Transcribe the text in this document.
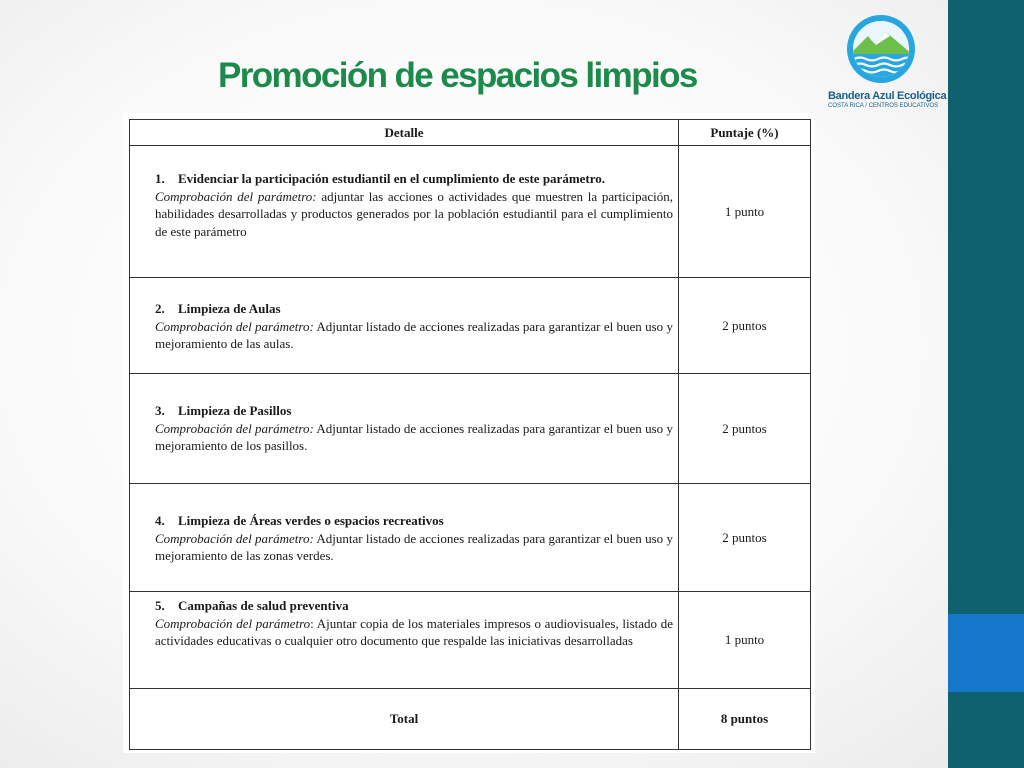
Promoción de espacios limpios
Bandera Azul Ecológica
COSTA RICA / CENTROS EDUCATIVOS
Detalle	Puntaje (%)

1. Evidenciar la participación estudiantil en el cumplimiento de este parámetro.
Comprobación del parámetro: adjuntar las acciones o actividades que muestren la participación, habilidades desarrolladas y productos generados por la población estudiantil para el cumplimiento de este parámetro	1 punto

2. Limpieza de Aulas
Comprobación del parámetro: Adjuntar listado de acciones realizadas para garantizar el buen uso y mejoramiento de las aulas.	2 puntos

3. Limpieza de Pasillos
Comprobación del parámetro: Adjuntar listado de acciones realizadas para garantizar el buen uso y mejoramiento de los pasillos.	2 puntos

4. Limpieza de Áreas verdes o espacios recreativos
Comprobación del parámetro: Adjuntar listado de acciones realizadas para garantizar el buen uso y mejoramiento de las zonas verdes.	2 puntos

5. Campañas de salud preventiva
Comprobación del parámetro: Ajuntar copia de los materiales impresos o audiovisuales, listado de actividades educativas o cualquier otro documento que respalde las iniciativas desarrolladas	1 punto
Total	8 puntos
